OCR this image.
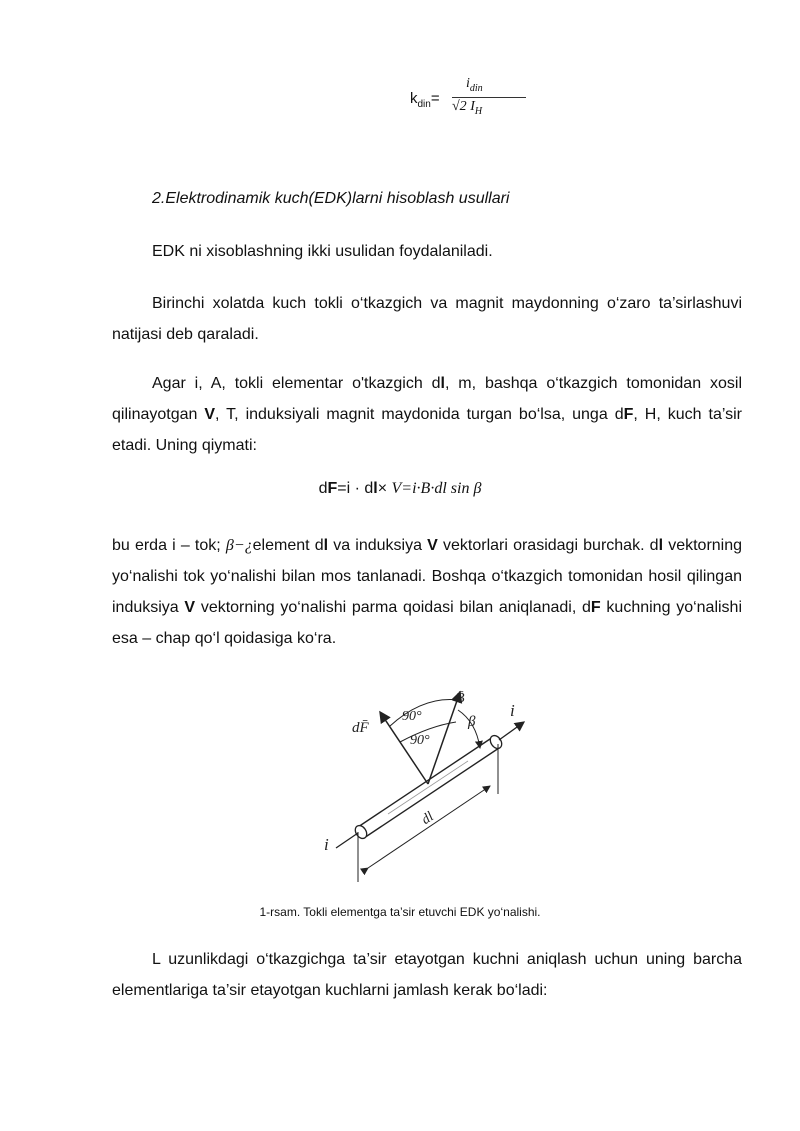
$k_{din}=$
$i_{din}$
√2 $I_H$
2.Elektrodinamik kuch(EDK)larni hisoblash usullari
EDK ni xisoblashning ikki usulidan foydalaniladi.
Birinchi xolatda kuch tokli o‘tkazgich va magnit maydonning o‘zaro ta’sirlashuvi natijasi deb qaraladi.
Agar i, A, tokli elementar o'tkazgich dl, m, bashqa o‘tkazgich tomonidan xosil qilinayotgan V, T, induksiyali magnit maydonida turgan bo‘lsa, unga dF, H, kuch ta’sir etadi. Uning qiymati:
dF=i · dl× V=i·B·dl sin β
bu erda i – tok; β−¿element dl va induksiya V vektorlari orasidagi burchak. dl vektorning yo‘nalishi tok yo‘nalishi bilan mos tanlanadi. Boshqa o‘tkazgich tomonidan hosil qilingan induksiya V vektorning yo‘nalishi parma qoidasi bilan aniqlanadi, dF kuchning yo‘nalishi esa – chap qo‘l qoidasiga ko‘ra.
dF̄
B̄
90°
90°
β
i
i
dl
1-rsam. Tokli elementga ta’sir etuvchi EDK yo‘nalishi.
L uzunlikdagi o‘tkazgichga ta’sir etayotgan kuchni aniqlash uchun uning barcha elementlariga ta’sir etayotgan kuchlarni jamlash kerak bo‘ladi:
